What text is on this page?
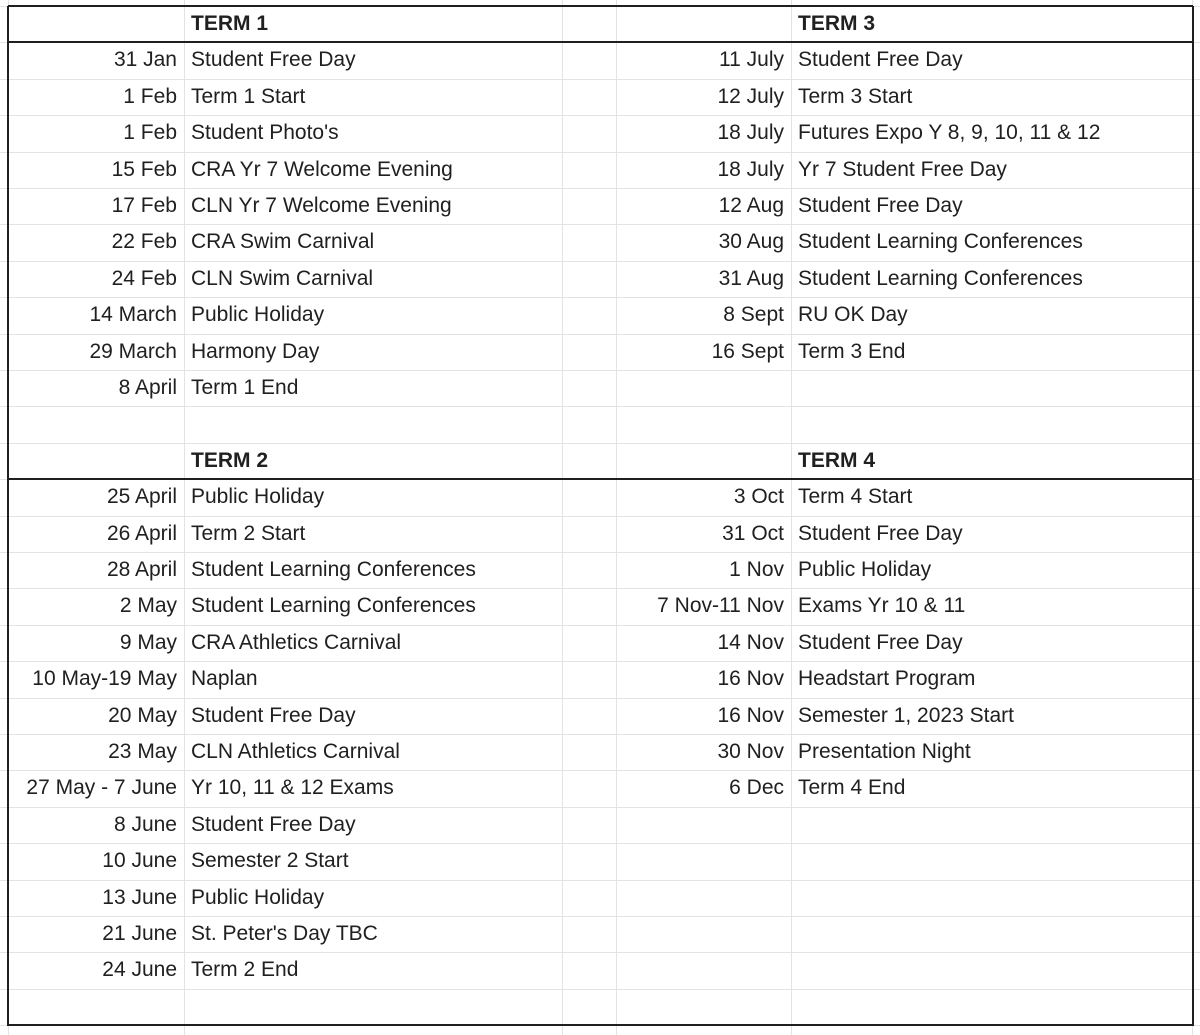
TERM 1
31 Jan Student Free Day
1 Feb Term 1 Start
1 Feb Student Photo's
15 Feb CRA Yr 7 Welcome Evening
17 Feb CLN Yr 7 Welcome Evening
22 Feb CRA Swim Carnival
24 Feb CLN Swim Carnival
14 March Public Holiday
29 March Harmony Day
8 April Term 1 End
TERM 3
11 July Student Free Day
12 July Term 3 Start
18 July Futures Expo Y 8, 9, 10, 11 & 12
18 July Yr 7 Student Free Day
12 Aug Student Free Day
30 Aug Student Learning Conferences
31 Aug Student Learning Conferences
8 Sept RU OK Day
16 Sept Term 3 End
TERM 2
25 April Public Holiday
26 April Term 2 Start
28 April Student Learning Conferences
2 May Student Learning Conferences
9 May CRA Athletics Carnival
10 May-19 May Naplan
20 May Student Free Day
23 May CLN Athletics Carnival
27 May - 7 June Yr 10, 11 & 12 Exams
8 June Student Free Day
10 June Semester 2 Start
13 June Public Holiday
21 June St. Peter's Day TBC
24 June Term 2 End
TERM 4
3 Oct Term 4 Start
31 Oct Student Free Day
1 Nov Public Holiday
7 Nov-11 Nov Exams Yr 10 & 11
14 Nov Student Free Day
16 Nov Headstart Program
16 Nov Semester 1, 2023 Start
30 Nov Presentation Night
6 Dec Term 4 End
